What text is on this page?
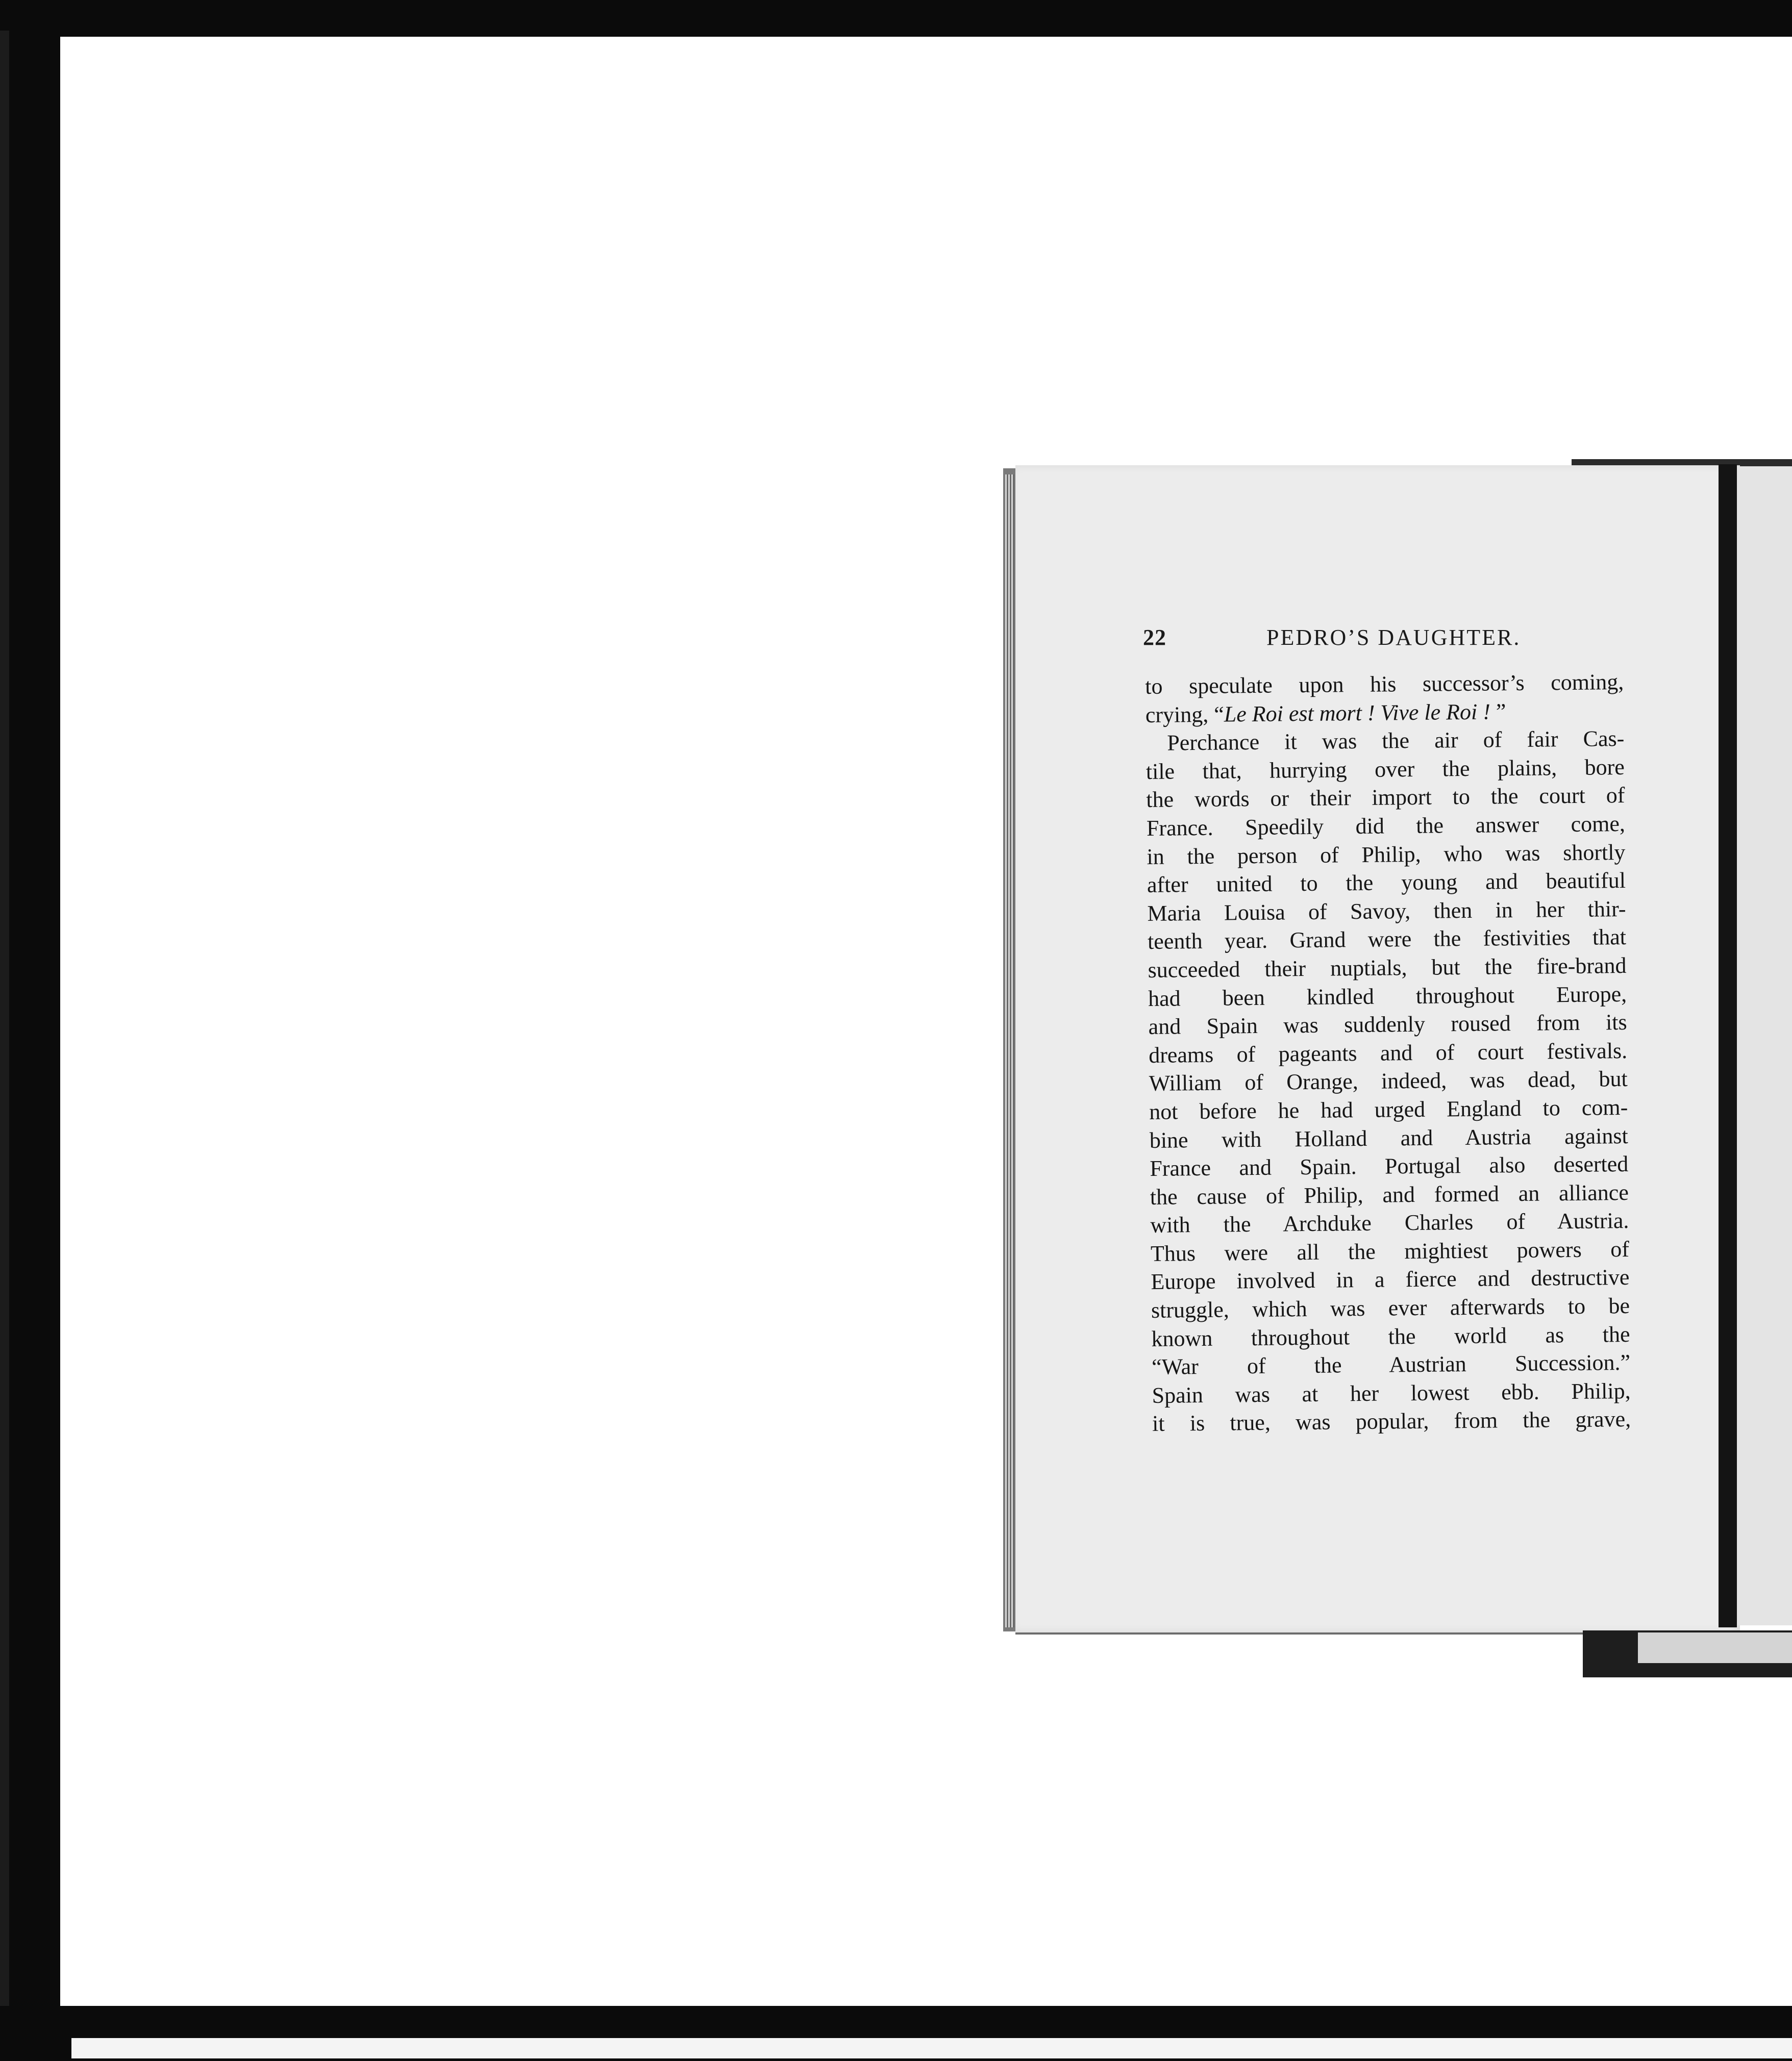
22	PEDRO’S DAUGHTER.
to speculate upon his successor’s coming,
crying, “Le Roi est mort ! Vive le Roi ! ”
Perchance it was the air of fair Cas-
tile that, hurrying over the plains, bore
the words or their import to the court of
France. Speedily did the answer come,
in the person of Philip, who was shortly
after united to the young and beautiful
Maria Louisa of Savoy, then in her thir-
teenth year. Grand were the festivities that
succeeded their nuptials, but the fire-brand
had been kindled throughout Europe,
and Spain was suddenly roused from its
dreams of pageants and of court festivals.
William of Orange, indeed, was dead, but
not before he had urged England to com-
bine with Holland and Austria against
France and Spain. Portugal also deserted
the cause of Philip, and formed an alliance
with the Archduke Charles of Austria.
Thus were all the mightiest powers of
Europe involved in a fierce and destructive
struggle, which was ever afterwards to be
known throughout the world as the
“War of the Austrian Succession.”
Spain was at her lowest ebb. Philip,
it is true, was popular, from the grave,
